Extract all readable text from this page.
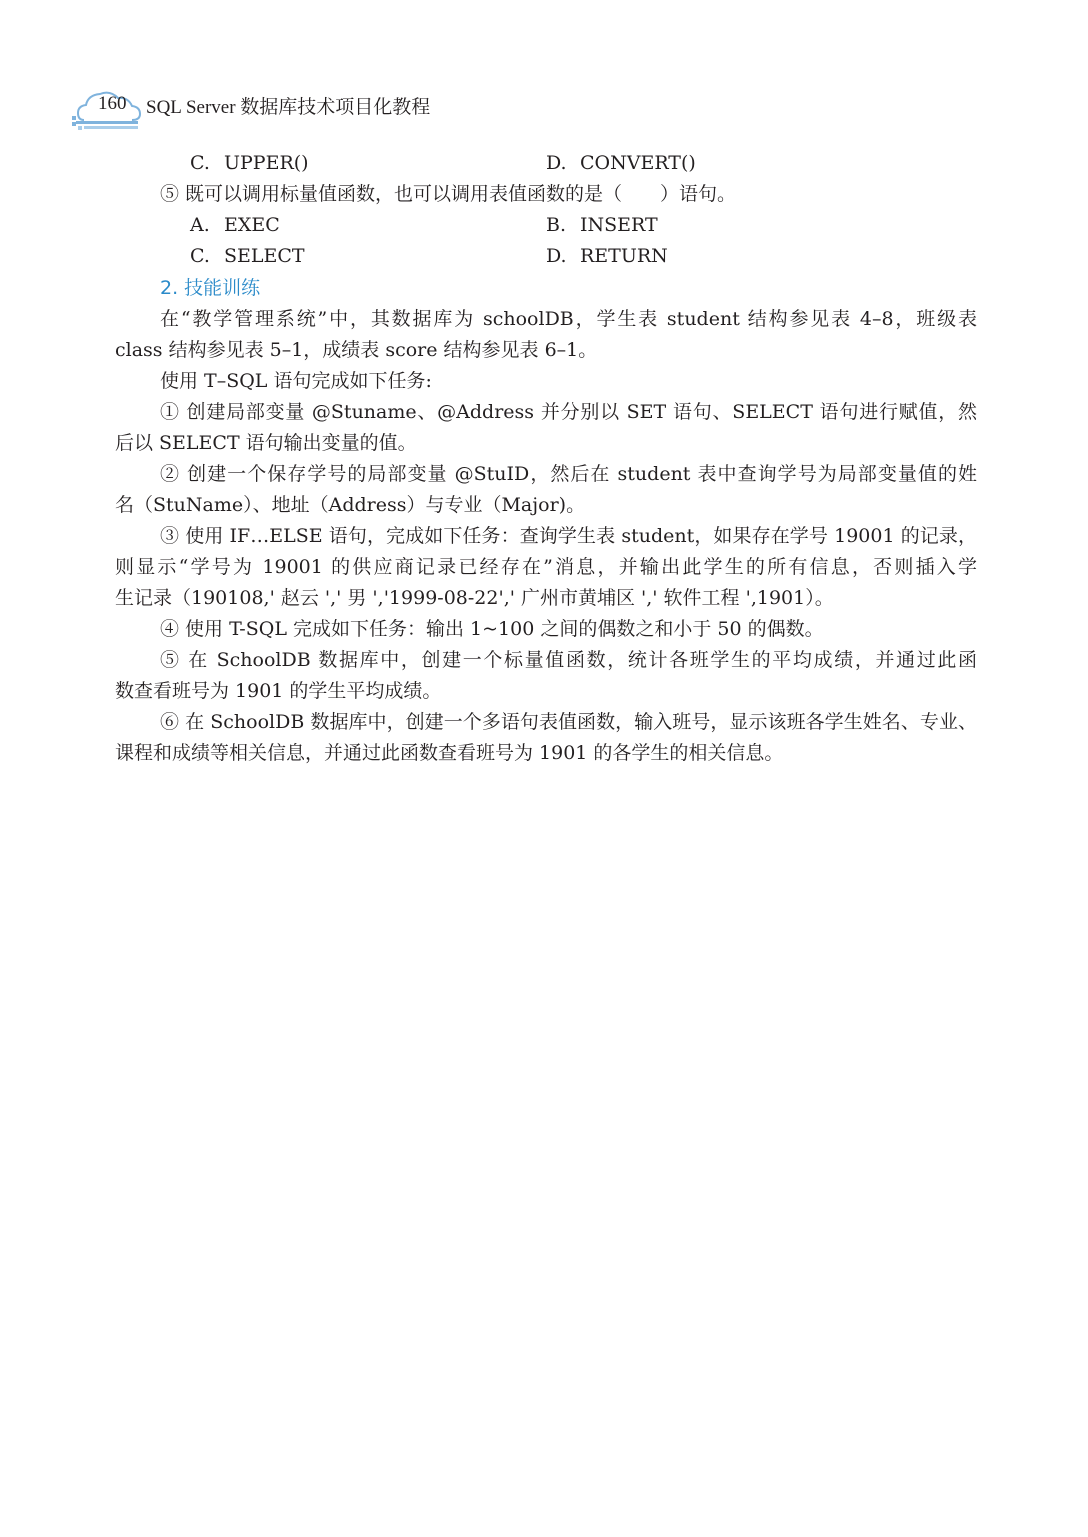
160 SQL Server 数据库技术项目化教程
C. UPPER()	D. CONVERT()
⑤ 既可以调用标量值函数，也可以调用表值函数的是（　　）语句。
A. EXEC	B. INSERT
C. SELECT	D. RETURN
2. 技能训练
在“教学管理系统”中，其数据库为 schoolDB，学生表 student 结构参见表 4–8，班级表
class 结构参见表 5–1，成绩表 score 结构参见表 6–1。
使用 T–SQL 语句完成如下任务:
① 创建局部变量 @Stuname、@Address 并分别以 SET 语句、SELECT 语句进行赋值，然
后以 SELECT 语句输出变量的值。
② 创建一个保存学号的局部变量 @StuID，然后在 student 表中查询学号为局部变量值的姓
名（StuName）、地址（Address）与专业（Major)。
③ 使用 IF…ELSE 语句，完成如下任务：查询学生表 student，如果存在学号 19001 的记录，
则显示“学号为 19001 的供应商记录已经存在”消息，并输出此学生的所有信息，否则插入学
生记录（190108,' 赵云 ',' 男 ','1999-08-22',' 广州市黄埔区 ',' 软件工程 ',1901）。
④ 使用 T-SQL 完成如下任务：输出 1~100 之间的偶数之和小于 50 的偶数。
⑤ 在 SchoolDB 数据库中，创建一个标量值函数，统计各班学生的平均成绩，并通过此函
数查看班号为 1901 的学生平均成绩。
⑥ 在 SchoolDB 数据库中，创建一个多语句表值函数，输入班号，显示该班各学生姓名、专业、
课程和成绩等相关信息，并通过此函数查看班号为 1901 的各学生的相关信息。
